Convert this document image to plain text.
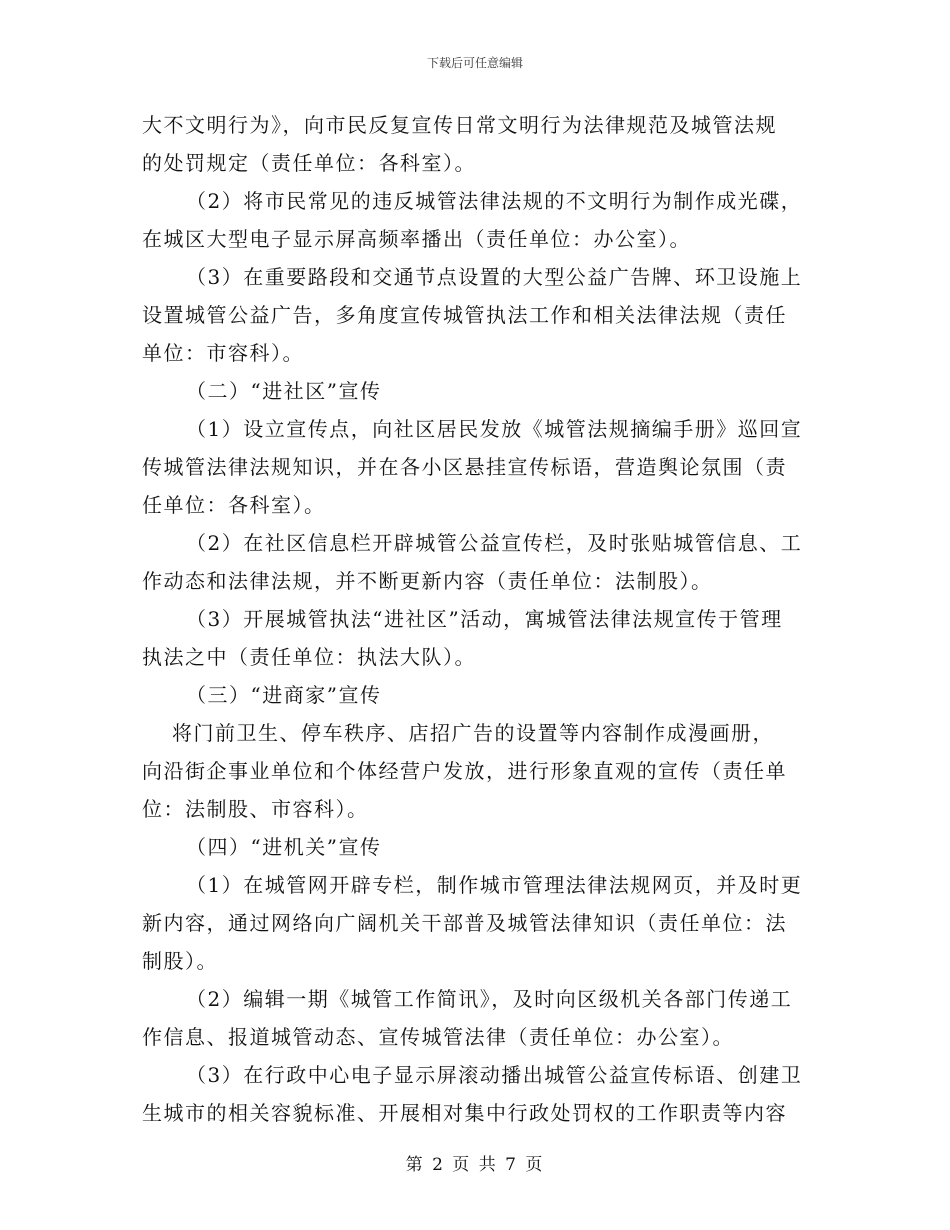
下载后可任意编辑
大不文明行为》，向市民反复宣传日常文明行为法律规范及城管法规
的处罚规定（责任单位：各科室）。
（2）将市民常见的违反城管法律法规的不文明行为制作成光碟，
在城区大型电子显示屏高频率播出（责任单位：办公室）。
（3）在重要路段和交通节点设置的大型公益广告牌、环卫设施上
设置城管公益广告，多角度宣传城管执法工作和相关法律法规（责任
单位：市容科）。
（二）“进社区”宣传
（1）设立宣传点，向社区居民发放《城管法规摘编手册》巡回宣
传城管法律法规知识，并在各小区悬挂宣传标语，营造舆论氛围（责
任单位：各科室）。
（2）在社区信息栏开辟城管公益宣传栏，及时张贴城管信息、工
作动态和法律法规，并不断更新内容（责任单位：法制股）。
（3）开展城管执法“进社区”活动，寓城管法律法规宣传于管理
执法之中（责任单位：执法大队）。
（三）“进商家”宣传
将门前卫生、停车秩序、店招广告的设置等内容制作成漫画册，
向沿街企事业单位和个体经营户发放，进行形象直观的宣传（责任单
位：法制股、市容科）。
（四）“进机关”宣传
（1）在城管网开辟专栏，制作城市管理法律法规网页，并及时更
新内容，通过网络向广阔机关干部普及城管法律知识（责任单位：法
制股）。
（2）编辑一期《城管工作简讯》，及时向区级机关各部门传递工
作信息、报道城管动态、宣传城管法律（责任单位：办公室）。
（3）在行政中心电子显示屏滚动播出城管公益宣传标语、创建卫
生城市的相关容貌标准、开展相对集中行政处罚权的工作职责等内容
第 2 页 共 7 页
